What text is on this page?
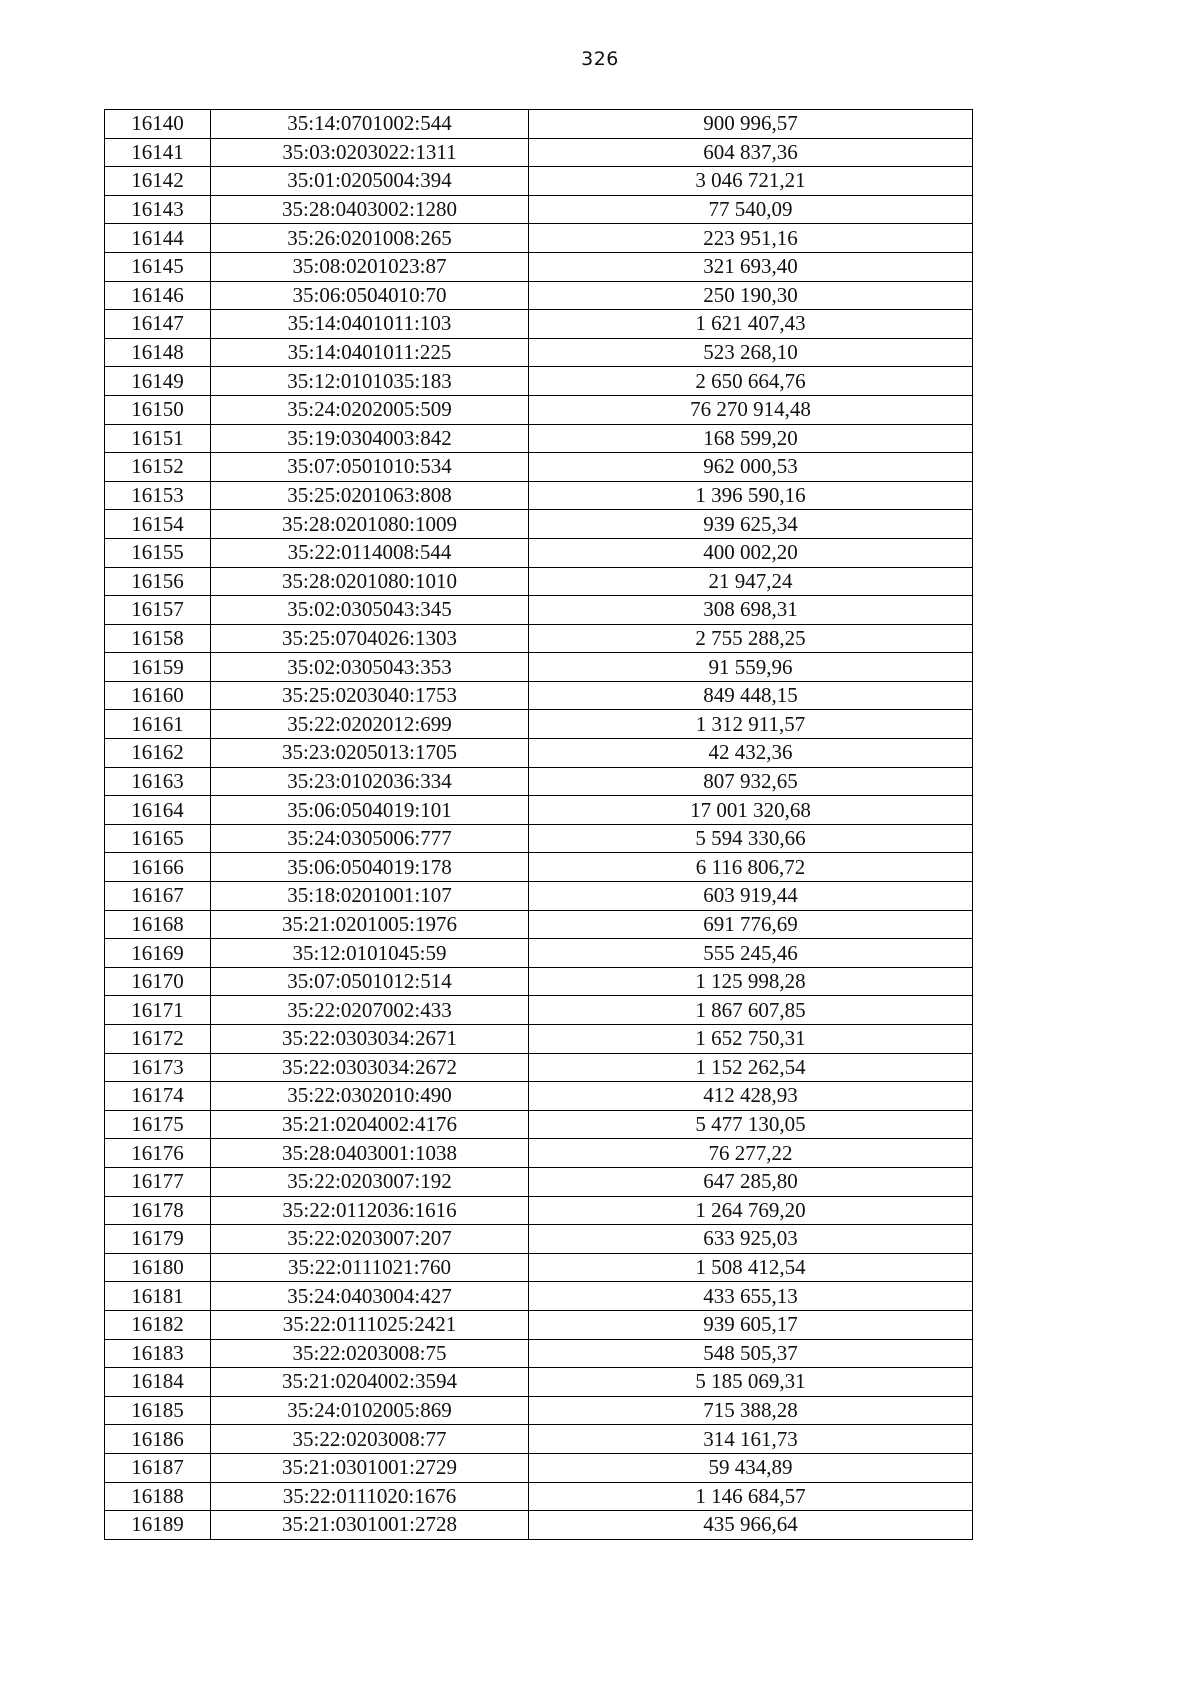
326
16140	35:14:0701002:544	900 996,57
16141	35:03:0203022:1311	604 837,36
16142	35:01:0205004:394	3 046 721,21
16143	35:28:0403002:1280	77 540,09
16144	35:26:0201008:265	223 951,16
16145	35:08:0201023:87	321 693,40
16146	35:06:0504010:70	250 190,30
16147	35:14:0401011:103	1 621 407,43
16148	35:14:0401011:225	523 268,10
16149	35:12:0101035:183	2 650 664,76
16150	35:24:0202005:509	76 270 914,48
16151	35:19:0304003:842	168 599,20
16152	35:07:0501010:534	962 000,53
16153	35:25:0201063:808	1 396 590,16
16154	35:28:0201080:1009	939 625,34
16155	35:22:0114008:544	400 002,20
16156	35:28:0201080:1010	21 947,24
16157	35:02:0305043:345	308 698,31
16158	35:25:0704026:1303	2 755 288,25
16159	35:02:0305043:353	91 559,96
16160	35:25:0203040:1753	849 448,15
16161	35:22:0202012:699	1 312 911,57
16162	35:23:0205013:1705	42 432,36
16163	35:23:0102036:334	807 932,65
16164	35:06:0504019:101	17 001 320,68
16165	35:24:0305006:777	5 594 330,66
16166	35:06:0504019:178	6 116 806,72
16167	35:18:0201001:107	603 919,44
16168	35:21:0201005:1976	691 776,69
16169	35:12:0101045:59	555 245,46
16170	35:07:0501012:514	1 125 998,28
16171	35:22:0207002:433	1 867 607,85
16172	35:22:0303034:2671	1 652 750,31
16173	35:22:0303034:2672	1 152 262,54
16174	35:22:0302010:490	412 428,93
16175	35:21:0204002:4176	5 477 130,05
16176	35:28:0403001:1038	76 277,22
16177	35:22:0203007:192	647 285,80
16178	35:22:0112036:1616	1 264 769,20
16179	35:22:0203007:207	633 925,03
16180	35:22:0111021:760	1 508 412,54
16181	35:24:0403004:427	433 655,13
16182	35:22:0111025:2421	939 605,17
16183	35:22:0203008:75	548 505,37
16184	35:21:0204002:3594	5 185 069,31
16185	35:24:0102005:869	715 388,28
16186	35:22:0203008:77	314 161,73
16187	35:21:0301001:2729	59 434,89
16188	35:22:0111020:1676	1 146 684,57
16189	35:21:0301001:2728	435 966,64
